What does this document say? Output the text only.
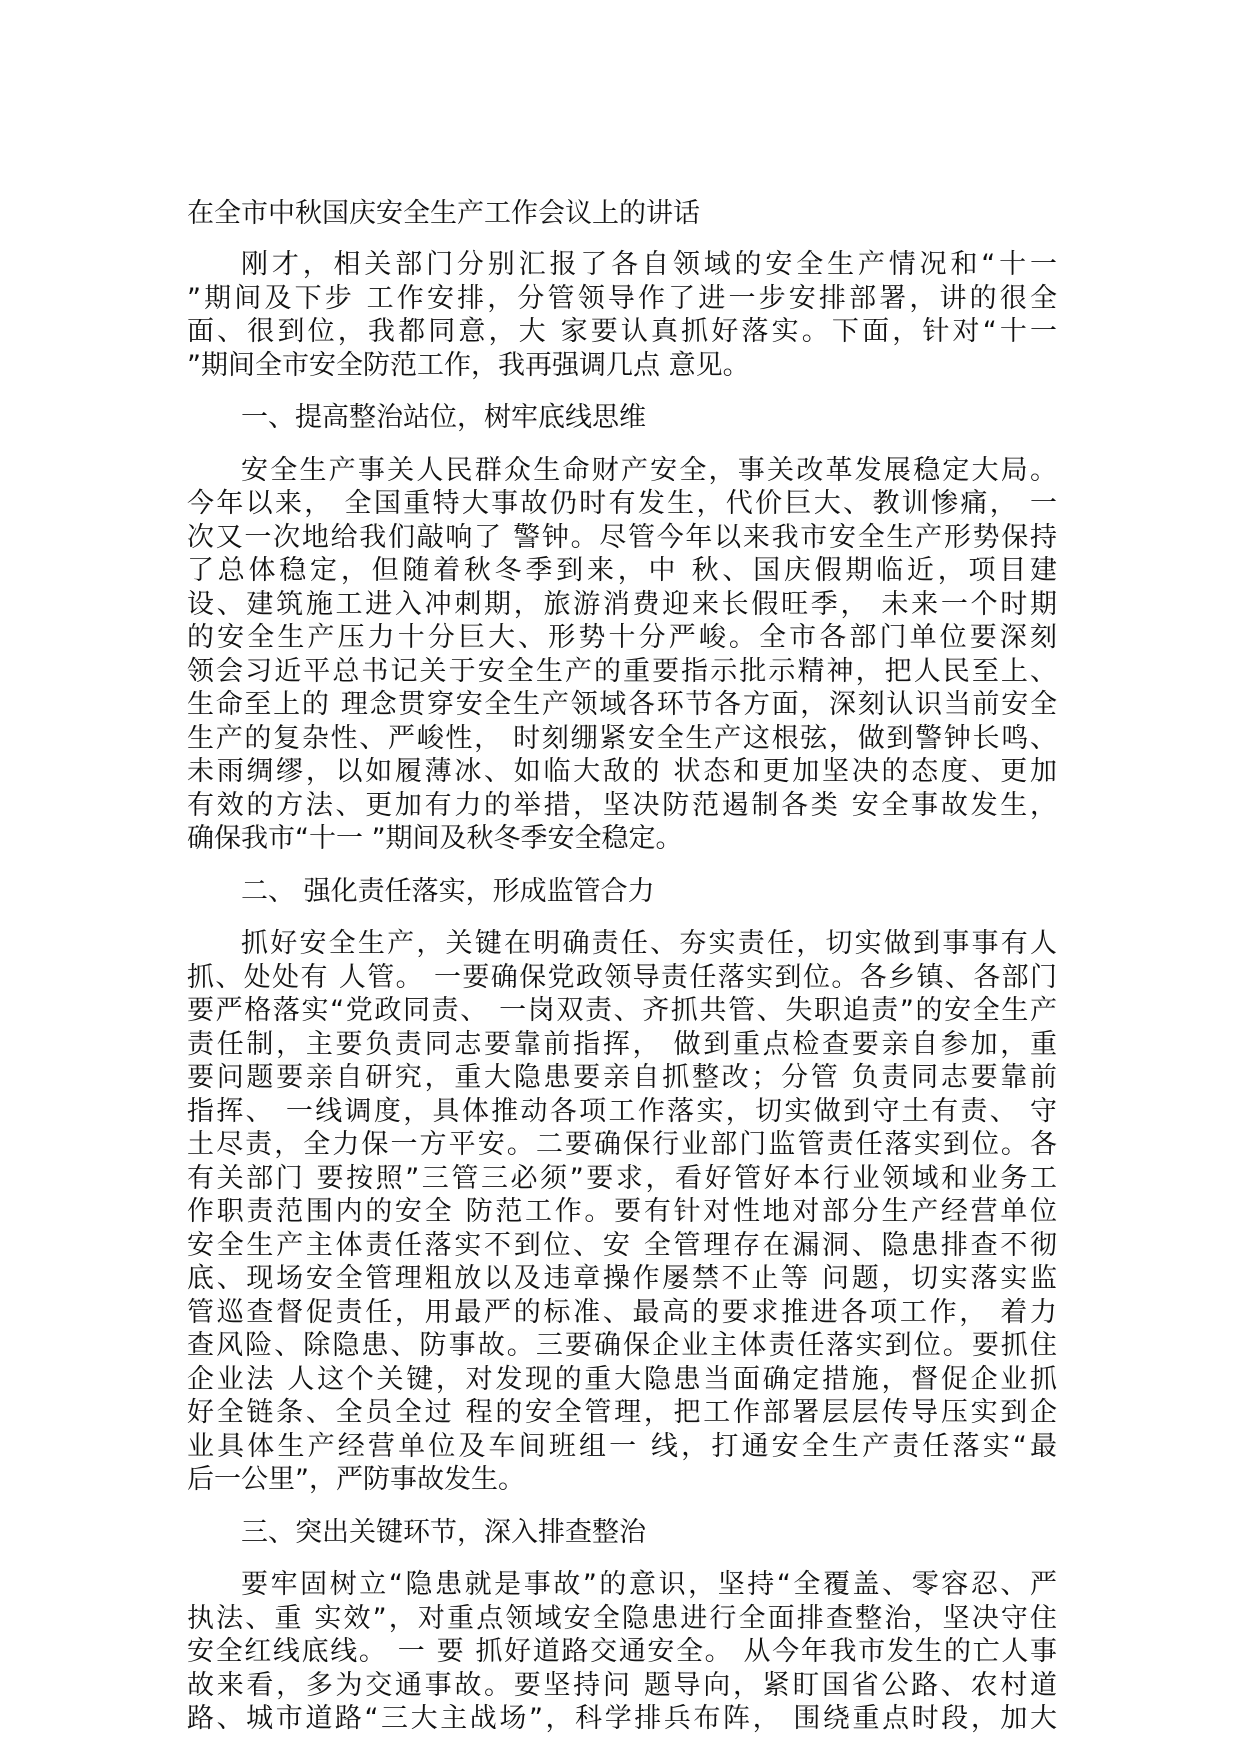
在全市中秋国庆安全生产工作会议上的讲话
刚才，相关部门分别汇报了各自领域的安全生产情况和“十一
”期间及下步 工作安排，分管领导作了进一步安排部署，讲的很全
面、很到位，我都同意，大 家要认真抓好落实。下面，针对“十一
”期间全市安全防范工作，我再强调几点 意见。
一、提高整治站位，树牢底线思维
安全生产事关人民群众生命财产安全，事关改革发展稳定大局。
今年以来， 全国重特大事故仍时有发生，代价巨大、教训惨痛， 一
次又一次地给我们敲响了 警钟。尽管今年以来我市安全生产形势保持
了总体稳定，但随着秋冬季到来，中 秋、国庆假期临近，项目建
设、建筑施工进入冲刺期，旅游消费迎来长假旺季， 未来一个时期
的安全生产压力十分巨大、形势十分严峻。全市各部门单位要深刻
领会习近平总书记关于安全生产的重要指示批示精神，把人民至上、
生命至上的 理念贯穿安全生产领域各环节各方面，深刻认识当前安全
生产的复杂性、严峻性， 时刻绷紧安全生产这根弦，做到警钟长鸣、
未雨绸缪，以如履薄冰、如临大敌的 状态和更加坚决的态度、更加
有效的方法、更加有力的举措，坚决防范遏制各类 安全事故发生，
确保我市“十一 ”期间及秋冬季安全稳定。
二、 强化责任落实，形成监管合力
抓好安全生产，关键在明确责任、夯实责任，切实做到事事有人
抓、处处有 人管。 一要确保党政领导责任落实到位。各乡镇、各部门
要严格落实“党政同责、 一岗双责、齐抓共管、失职追责”的安全生产
责任制，主要负责同志要靠前指挥， 做到重点检查要亲自参加，重
要问题要亲自研究，重大隐患要亲自抓整改；分管 负责同志要靠前
指挥、 一线调度，具体推动各项工作落实，切实做到守土有责、 守
土尽责，全力保一方平安。二要确保行业部门监管责任落实到位。各
有关部门 要按照”三管三必须”要求，看好管好本行业领域和业务工
作职责范围内的安全 防范工作。要有针对性地对部分生产经营单位
安全生产主体责任落实不到位、安 全管理存在漏洞、隐患排查不彻
底、现场安全管理粗放以及违章操作屡禁不止等 问题，切实落实监
管巡查督促责任，用最严的标准、最高的要求推进各项工作， 着力
查风险、除隐患、防事故。三要确保企业主体责任落实到位。要抓住
企业法 人这个关键，对发现的重大隐患当面确定措施，督促企业抓
好全链条、全员全过 程的安全管理，把工作部署层层传导压实到企
业具体生产经营单位及车间班组一 线，打通安全生产责任落实“最
后一公里”，严防事故发生。
三、突出关键环节，深入排查整治
要牢固树立“隐患就是事故”的意识，坚持“全覆盖、零容忍、严
执法、重 实效”，对重点领域安全隐患进行全面排查整治，坚决守住
安全红线底线。 一 要 抓好道路交通安全。 从今年我市发生的亡人事
故来看，多为交通事故。要坚持问 题导向，紧盯国省公路、农村道
路、城市道路“三大主战场”，科学排兵布阵， 围绕重点时段，加大
